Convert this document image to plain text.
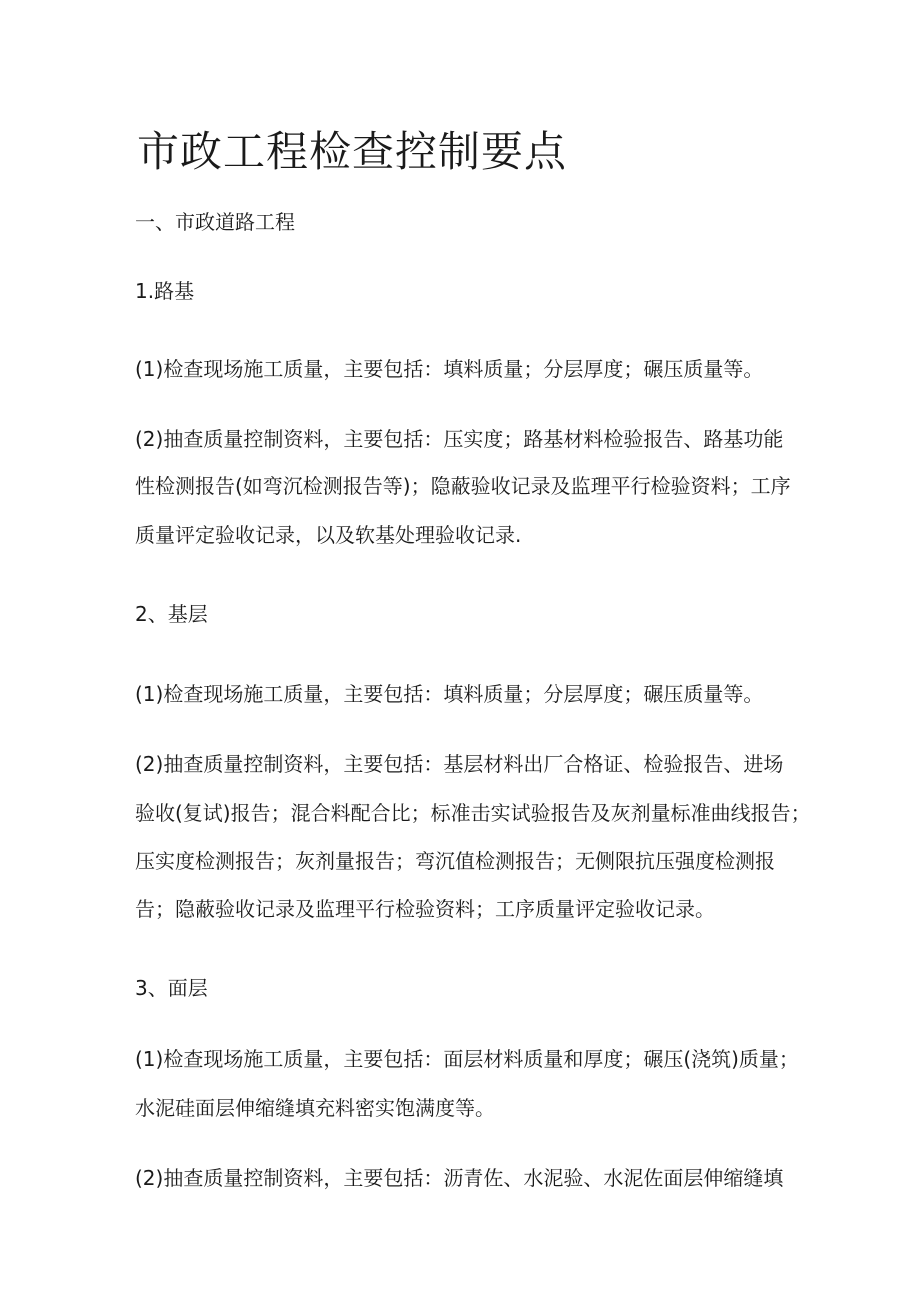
市政工程检查控制要点

一、市政道路工程

1.路基

(1)检查现场施工质量，主要包括：填料质量；分层厚度；碾压质量等。

(2)抽查质量控制资料，主要包括：压实度；路基材料检验报告、路基功能

性检测报告(如弯沉检测报告等)；隐蔽验收记录及监理平行检验资料；工序

质量评定验收记录，以及软基处理验收记录.

2、基层

(1)检查现场施工质量，主要包括：填料质量；分层厚度；碾压质量等。

(2)抽查质量控制资料，主要包括：基层材料出厂合格证、检验报告、进场

验收(复试)报告；混合料配合比；标准击实试验报告及灰剂量标准曲线报告；

压实度检测报告；灰剂量报告；弯沉值检测报告；无侧限抗压强度检测报

告；隐蔽验收记录及监理平行检验资料；工序质量评定验收记录。

3、面层

(1)检查现场施工质量，主要包括：面层材料质量和厚度；碾压(浇筑)质量；

水泥硅面层伸缩缝填充料密实饱满度等。

(2)抽查质量控制资料，主要包括：沥青佐、水泥验、水泥佐面层伸缩缝填
